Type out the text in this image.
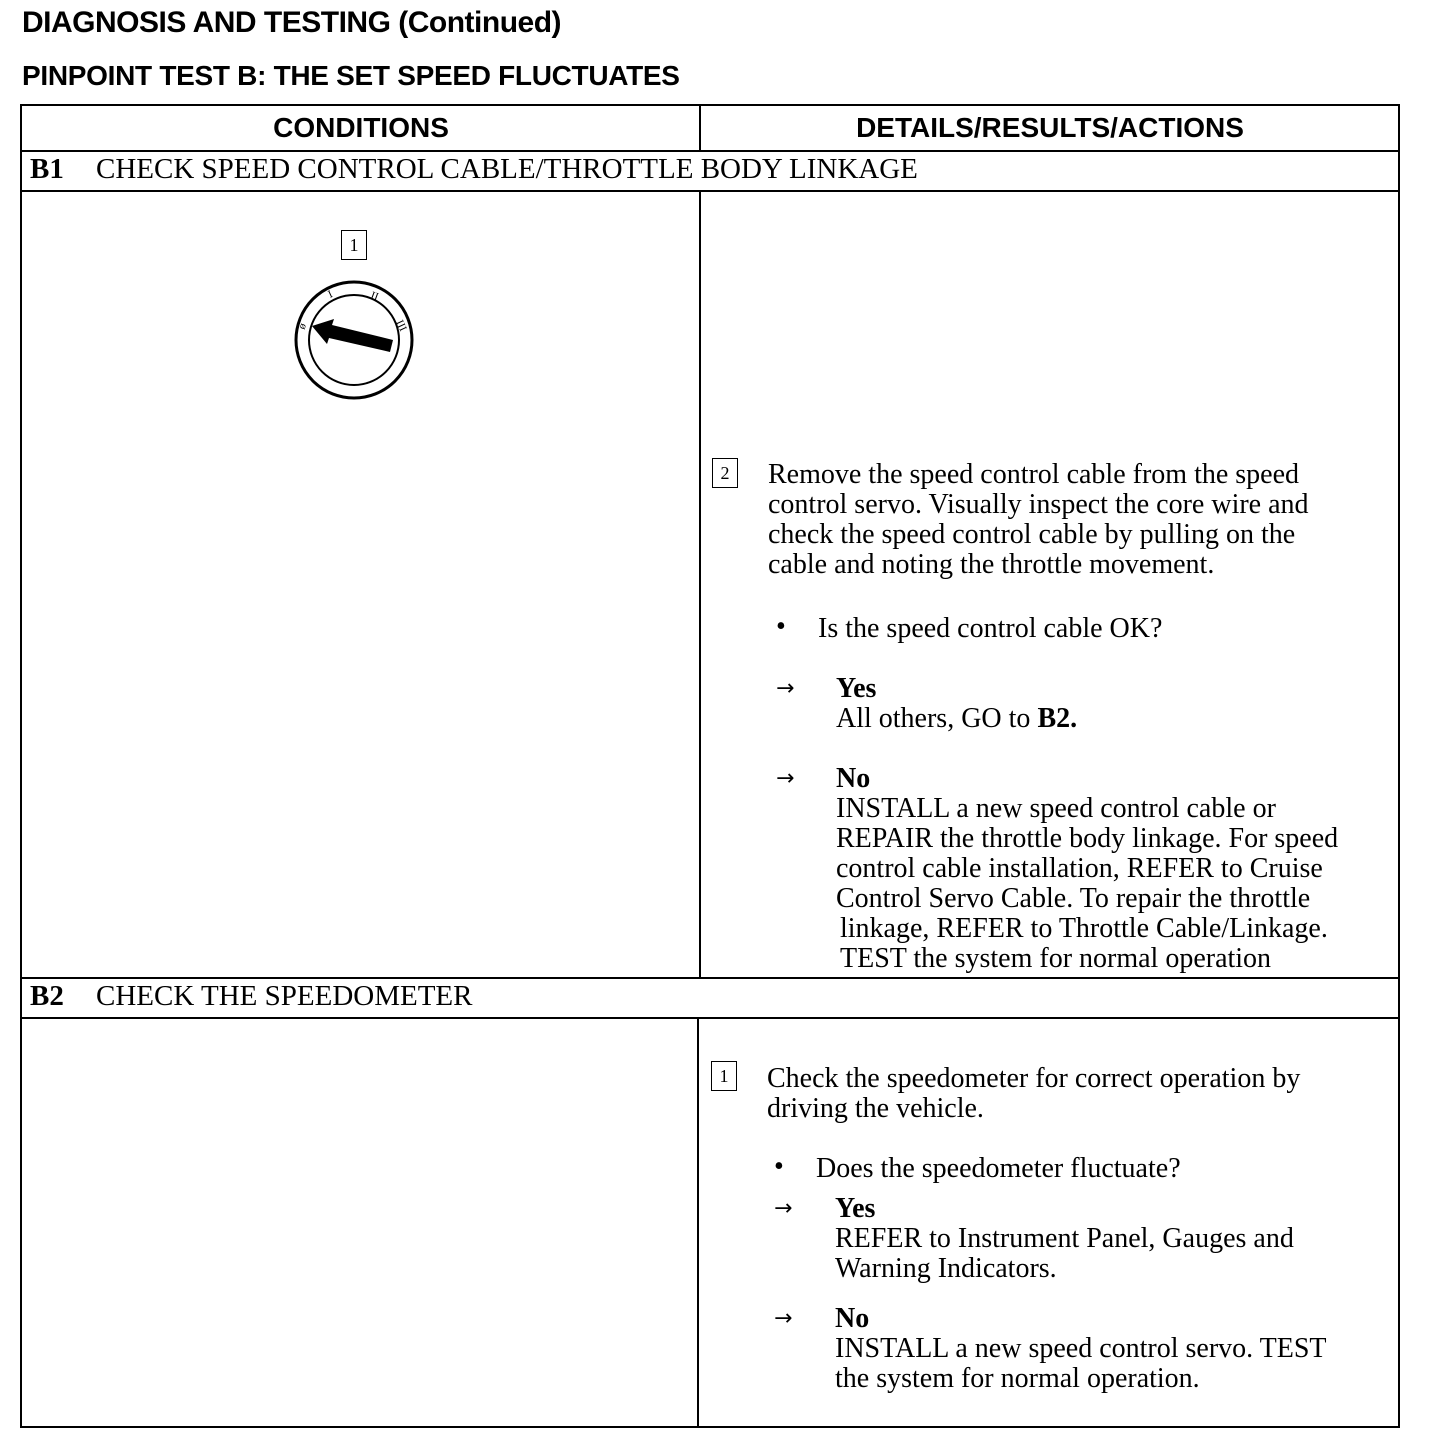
DIAGNOSIS AND TESTING (Continued)
PINPOINT TEST B: THE SET SPEED FLUCTUATES
CONDITIONS	DETAILS/RESULTS/ACTIONS
B1 CHECK SPEED CONTROL CABLE/THROTTLE BODY LINKAGE
1
ø
I	II
III
2	Remove the speed control cable from the speed
control servo. Visually inspect the core wire and
check the speed control cable by pulling on the
cable and noting the throttle movement.
• Is the speed control cable OK?
→ Yes
All others, GO to B2.
→ No
INSTALL a new speed control cable or
REPAIR the throttle body linkage. For speed
control cable installation, REFER to Cruise
Control Servo Cable. To repair the throttle
linkage, REFER to Throttle Cable/Linkage.
TEST the system for normal operation
B2 CHECK THE SPEEDOMETER
1	Check the speedometer for correct operation by
driving the vehicle.
• Does the speedometer fluctuate?
→ Yes
REFER to Instrument Panel, Gauges and
Warning Indicators.
→ No
INSTALL a new speed control servo. TEST
the system for normal operation.
